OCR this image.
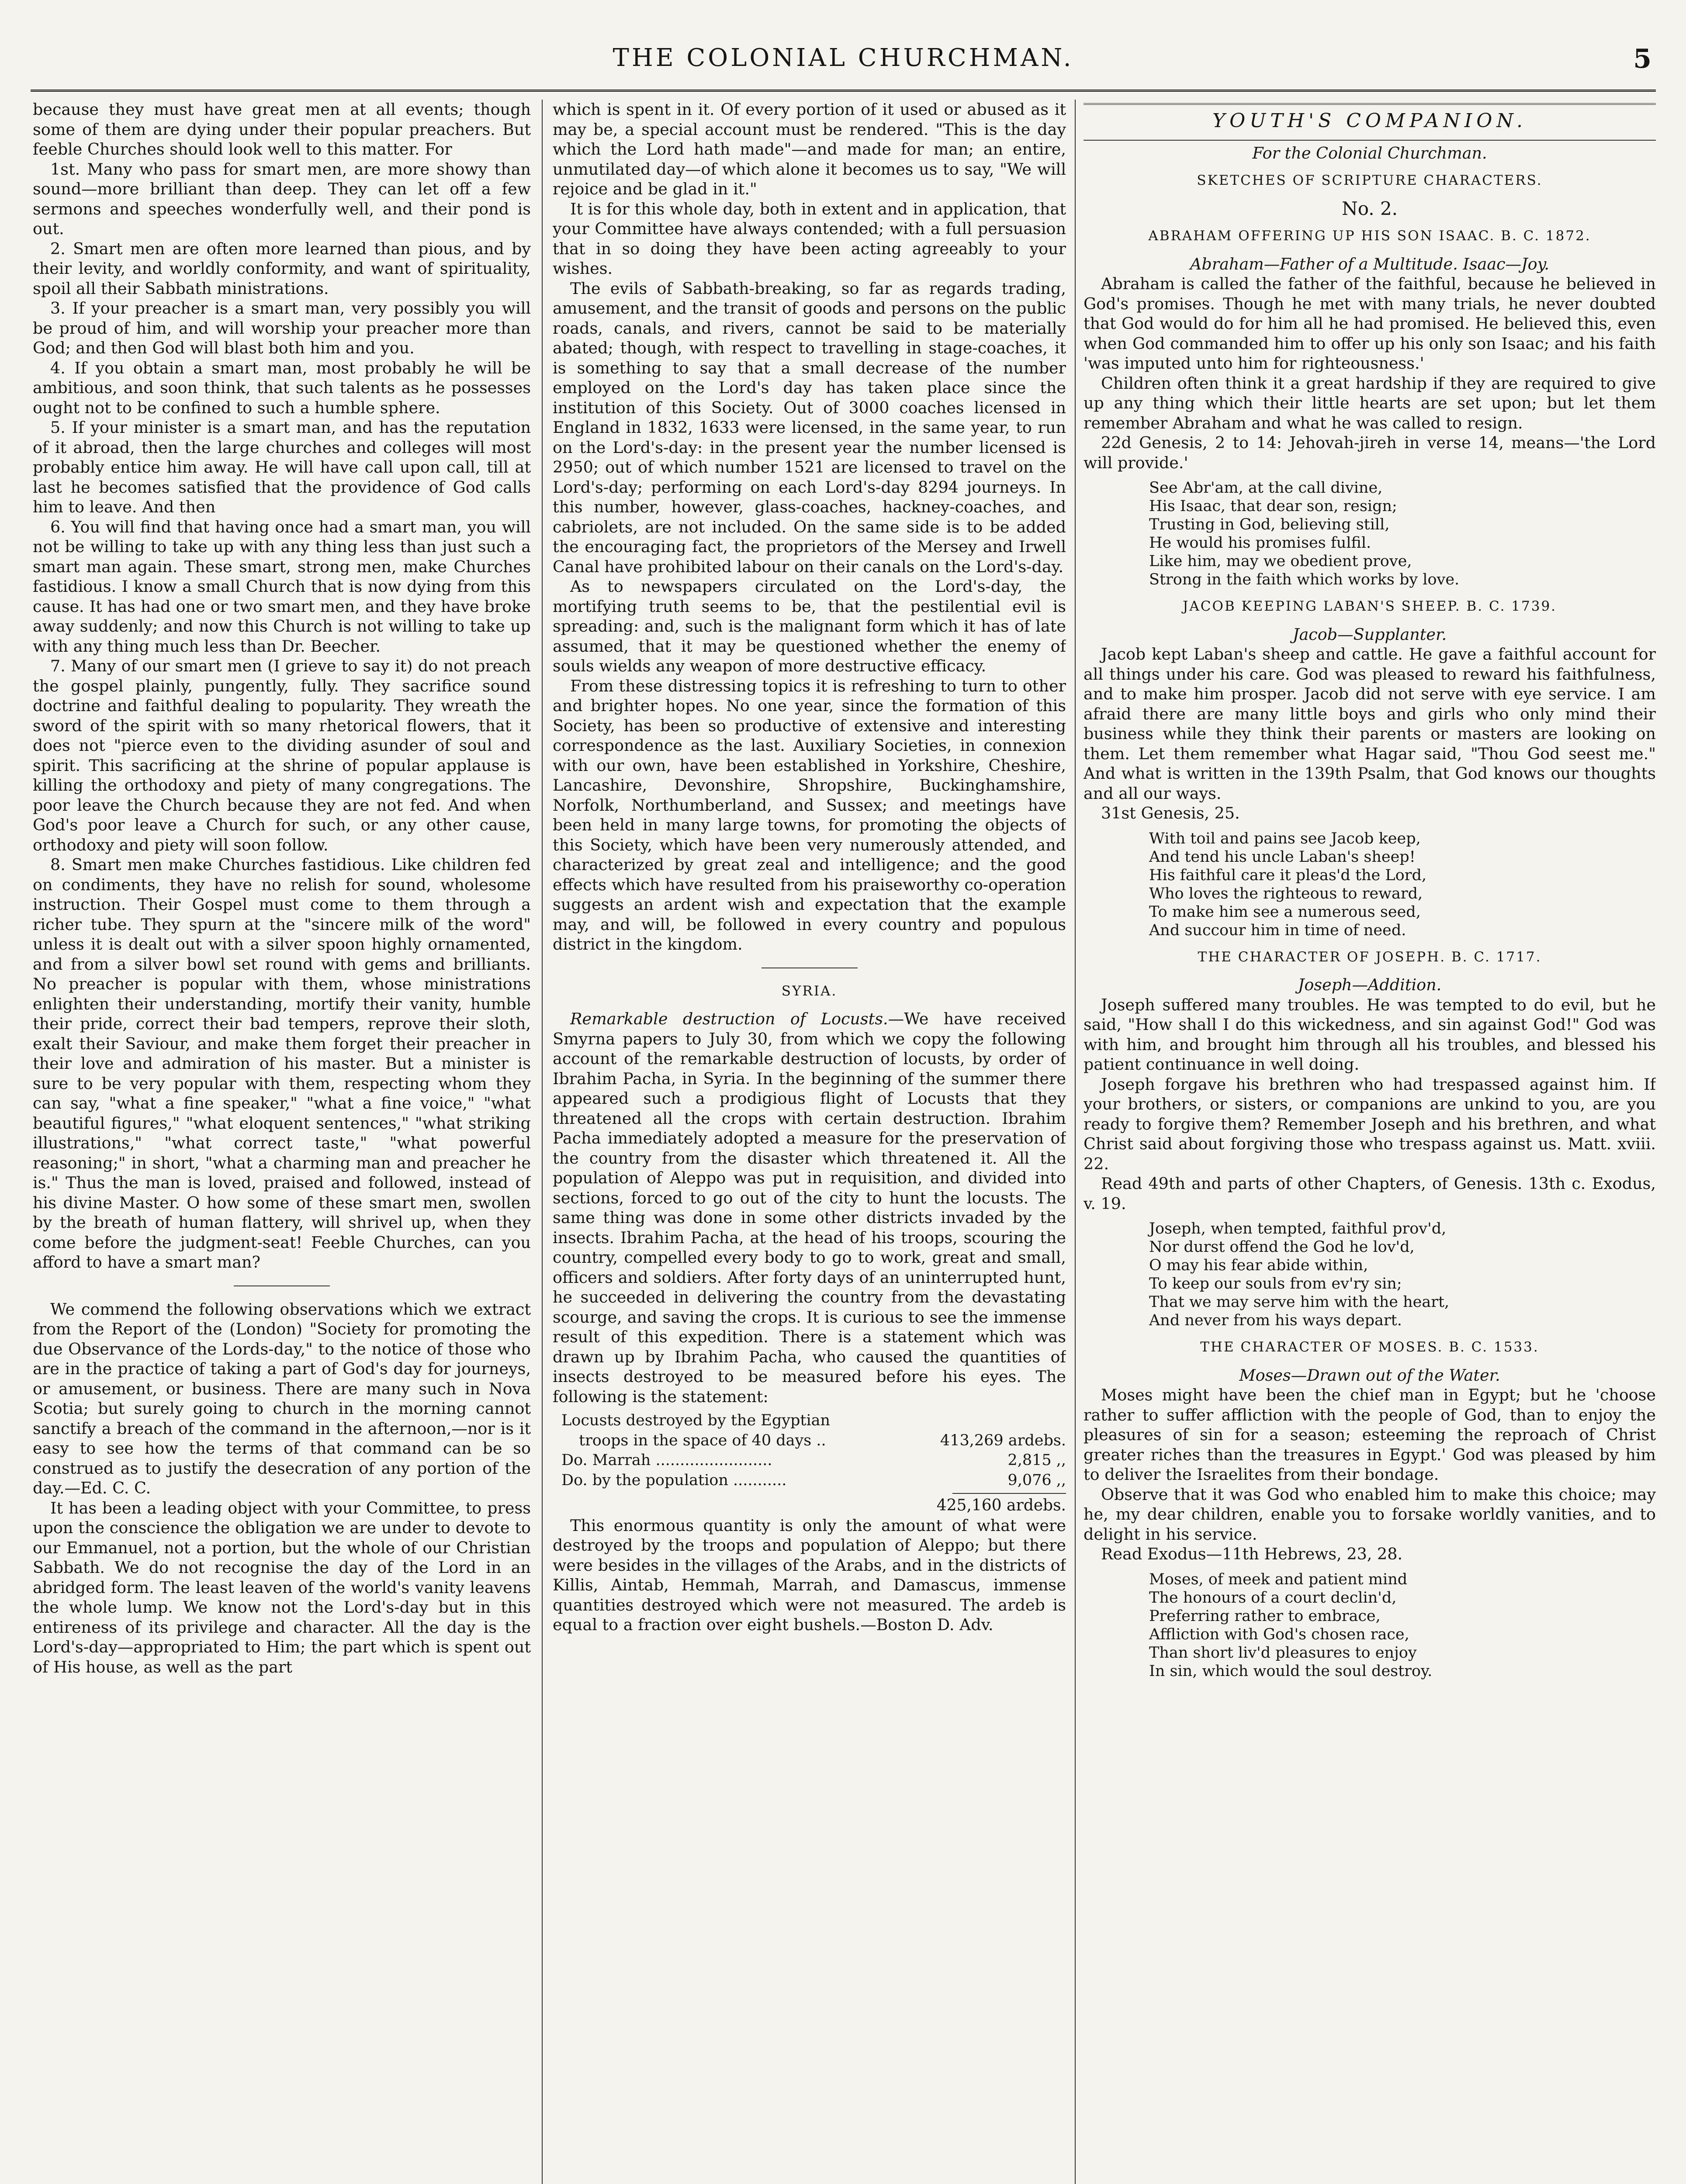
THE COLONIAL CHURCHMAN.	5

because they must have great men at all events; though some of them are dying under their popular preachers. But feeble Churches should look well to this matter. For

1st. Many who pass for smart men, are more showy than sound—more brilliant than deep. They can let off a few sermons and speeches wonderfully well, and their pond is out.

2. Smart men are often more learned than pious, and by their levity, and worldly conformity, and want of spirituality, spoil all their Sabbath ministrations.

3. If your preacher is a smart man, very possibly you will be proud of him, and will worship your preacher more than God; and then God will blast both him and you.

4. If you obtain a smart man, most probably he will be ambitious, and soon think, that such talents as he possesses ought not to be confined to such a humble sphere.

5. If your minister is a smart man, and has the reputation of it abroad, then the large churches and colleges will most probably entice him away. He will have call upon call, till at last he becomes satisfied that the providence of God calls him to leave. And then

6. You will find that having once had a smart man, you will not be willing to take up with any thing less than just such a smart man again. These smart, strong men, make Churches fastidious. I know a small Church that is now dying from this cause. It has had one or two smart men, and they have broke away suddenly; and now this Church is not willing to take up with any thing much less than Dr. Beecher.

7. Many of our smart men (I grieve to say it) do not preach the gospel plainly, pungently, fully. They sacrifice sound doctrine and faithful dealing to popularity. They wreath the sword of the spirit with so many rhetorical flowers, that it does not "pierce even to the dividing asunder of soul and spirit. This sacrificing at the shrine of popular applause is killing the orthodoxy and piety of many congregations. The poor leave the Church because they are not fed. And when God's poor leave a Church for such, or any other cause, orthodoxy and piety will soon follow.

8. Smart men make Churches fastidious. Like children fed on condiments, they have no relish for sound, wholesome instruction. Their Gospel must come to them through a richer tube. They spurn at the "sincere milk of the word" unless it is dealt out with a silver spoon highly ornamented, and from a silver bowl set round with gems and brilliants. No preacher is popular with them, whose ministrations enlighten their understanding, mortify their vanity, humble their pride, correct their bad tempers, reprove their sloth, exalt their Saviour, and make them forget their preacher in their love and admiration of his master. But a minister is sure to be very popular with them, respecting whom they can say, "what a fine speaker," "what a fine voice," "what beautiful figures," "what eloquent sentences," "what striking illustrations," "what correct taste," "what powerful reasoning;" in short, "what a charming man and preacher he is." Thus the man is loved, praised and followed, instead of his divine Master. O how some of these smart men, swollen by the breath of human flattery, will shrivel up, when they come before the judgment-seat! Feeble Churches, can you afford to have a smart man?

We commend the following observations which we extract from the Report of the (London) "Society for promoting the due Observance of the Lords-day," to the notice of those who are in the practice of taking a part of God's day for journeys, or amusement, or business. There are many such in Nova Scotia; but surely going to church in the morning cannot sanctify a breach of the command in the afternoon,—nor is it easy to see how the terms of that command can be so construed as to justify the desecration of any portion of the day.—Ed. C. C.

It has been a leading object with your Committee, to press upon the conscience the obligation we are under to devote to our Emmanuel, not a portion, but the whole of our Christian Sabbath. We do not recognise the day of the Lord in an abridged form. The least leaven of the world's vanity leavens the whole lump. We know not the Lord's-day but in this entireness of its privilege and character. All the day is the Lord's-day—appropriated to Him; the part which is spent out of His house, as well as the part

which is spent in it. Of every portion of it used or abused as it may be, a special account must be rendered. "This is the day which the Lord hath made"—and made for man; an entire, unmutilated day—of which alone it becomes us to say, "We will rejoice and be glad in it."

It is for this whole day, both in extent and in application, that your Committee have always contended; with a full persuasion that in so doing they have been acting agreeably to your wishes.

The evils of Sabbath-breaking, so far as regards trading, amusement, and the transit of goods and persons on the public roads, canals, and rivers, cannot be said to be materially abated; though, with respect to travelling in stage-coaches, it is something to say that a small decrease of the number employed on the Lord's day has taken place since the institution of this Society. Out of 3000 coaches licensed in England in 1832, 1633 were licensed, in the same year, to run on the Lord's-day: in the present year the number licensed is 2950; out of which number 1521 are licensed to travel on the Lord's-day; performing on each Lord's-day 8294 journeys. In this number, however, glass-coaches, hackney-coaches, and cabriolets, are not included. On the same side is to be added the encouraging fact, the proprietors of the Mersey and Irwell Canal have prohibited labour on their canals on the Lord's-day.

As to newspapers circulated on the Lord's-day, the mortifying truth seems to be, that the pestilential evil is spreading: and, such is the malignant form which it has of late assumed, that it may be questioned whether the enemy of souls wields any weapon of more destructive efficacy.

From these distressing topics it is refreshing to turn to other and brighter hopes. No one year, since the formation of this Society, has been so productive of extensive and interesting correspondence as the last. Auxiliary Societies, in connexion with our own, have been established in Yorkshire, Cheshire, Lancashire, Devonshire, Shropshire, Buckinghamshire, Norfolk, Northumberland, and Sussex; and meetings have been held in many large towns, for promoting the objects of this Society, which have been very numerously attended, and characterized by great zeal and intelligence; and the good effects which have resulted from his praiseworthy co-operation suggests an ardent wish and expectation that the example may, and will, be followed in every country and populous district in the kingdom.

SYRIA.

Remarkable destruction of Locusts.—We have received Smyrna papers to July 30, from which we copy the following account of the remarkable destruction of locusts, by order of Ibrahim Pacha, in Syria. In the beginning of the summer there appeared such a prodigious flight of Locusts that they threatened all the crops with certain destruction. Ibrahim Pacha immediately adopted a measure for the preservation of the country from the disaster which threatened it. All the population of Aleppo was put in requisition, and divided into sections, forced to go out of the city to hunt the locusts. The same thing was done in some other districts invaded by the insects. Ibrahim Pacha, at the head of his troops, scouring the country, compelled every body to go to work, great and small, officers and soldiers. After forty days of an uninterrupted hunt, he succeeded in delivering the country from the devastating scourge, and saving the crops. It is curious to see the immense result of this expedition. There is a statement which was drawn up by Ibrahim Pacha, who caused the quantities of insects destroyed to be measured before his eyes. The following is the statement:

Locusts destroyed by the Egyptian
troops in the space of 40 days ..	413,269 ardebs.
Do. Marrah ........................	2,815 ,,
Do. by the population ...........	9,076 ,,
425,160 ardebs.

This enormous quantity is only the amount of what were destroyed by the troops and population of Aleppo; but there were besides in the villages of the Arabs, and in the districts of Killis, Aintab, Hemmah, Marrah, and Damascus, immense quantities destroyed which were not measured. The ardeb is equal to a fraction over eight bushels.—Boston D. Adv.

YOUTH'S COMPANION.
For the Colonial Churchman.
SKETCHES OF SCRIPTURE CHARACTERS.
No. 2.
ABRAHAM OFFERING UP HIS SON ISAAC. B. C. 1872.
Abraham—Father of a Multitude. Isaac—Joy.

Abraham is called the father of the faithful, because he believed in God's promises. Though he met with many trials, he never doubted that God would do for him all he had promised. He believed this, even when God commanded him to offer up his only son Isaac; and his faith 'was imputed unto him for righteousness.'

Children often think it a great hardship if they are required to give up any thing which their little hearts are set upon; but let them remember Abraham and what he was called to resign.

22d Genesis, 2 to 14: Jehovah-jireh in verse 14, means—'the Lord will provide.'

See Abr'am, at the call divine,
His Isaac, that dear son, resign;
Trusting in God, believing still,
He would his promises fulfil.
Like him, may we obedient prove,
Strong in the faith which works by love.
JACOB KEEPING LABAN'S SHEEP. B. C. 1739.
Jacob—Supplanter.

Jacob kept Laban's sheep and cattle. He gave a faithful account for all things under his care. God was pleased to reward his faithfulness, and to make him prosper. Jacob did not serve with eye service. I am afraid there are many little boys and girls who only mind their business while they think their parents or masters are looking on them. Let them remember what Hagar said, "Thou God seest me." And what is written in the 139th Psalm, that God knows our thoughts and all our ways.

31st Genesis, 25.

With toil and pains see Jacob keep,
And tend his uncle Laban's sheep!
His faithful care it pleas'd the Lord,
Who loves the righteous to reward,
To make him see a numerous seed,
And succour him in time of need.
THE CHARACTER OF JOSEPH. B. C. 1717.
Joseph—Addition.

Joseph suffered many troubles. He was tempted to do evil, but he said, "How shall I do this wickedness, and sin against God!" God was with him, and brought him through all his troubles, and blessed his patient continuance in well doing.

Joseph forgave his brethren who had trespassed against him. If your brothers, or sisters, or companions are unkind to you, are you ready to forgive them? Remember Joseph and his brethren, and what Christ said about forgiving those who trespass against us. Matt. xviii. 22.

Read 49th and parts of other Chapters, of Genesis. 13th c. Exodus, v. 19.

Joseph, when tempted, faithful prov'd,
Nor durst offend the God he lov'd,
O may his fear abide within,
To keep our souls from ev'ry sin;
That we may serve him with the heart,
And never from his ways depart.
THE CHARACTER OF MOSES. B. C. 1533.
Moses—Drawn out of the Water.

Moses might have been the chief man in Egypt; but he 'choose rather to suffer affliction with the people of God, than to enjoy the pleasures of sin for a season; esteeming the reproach of Christ greater riches than the treasures in Egypt.' God was pleased by him to deliver the Israelites from their bondage.

Observe that it was God who enabled him to make this choice; may he, my dear children, enable you to forsake worldly vanities, and to delight in his service.

Read Exodus—11th Hebrews, 23, 28.

Moses, of meek and patient mind
The honours of a court declin'd,
Preferring rather to embrace,
Affliction with God's chosen race,
Than short liv'd pleasures to enjoy
In sin, which would the soul destroy.
